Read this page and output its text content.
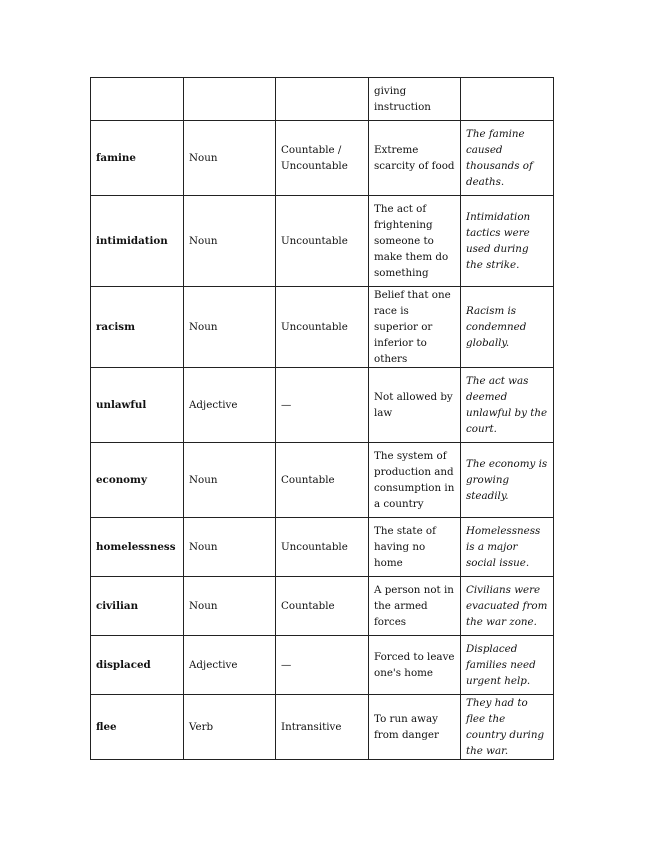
			giving instruction	
famine	Noun	Countable / Uncountable	Extreme scarcity of food	The famine caused thousands of deaths.
intimidation	Noun	Uncountable	The act of frightening someone to make them do something	Intimidation tactics were used during the strike.
racism	Noun	Uncountable	Belief that one race is superior or inferior to others	Racism is condemned globally.
unlawful	Adjective	—	Not allowed by law	The act was deemed unlawful by the court.
economy	Noun	Countable	The system of production and consumption in a country	The economy is growing steadily.
homelessness	Noun	Uncountable	The state of having no home	Homelessness is a major social issue.
civilian	Noun	Countable	A person not in the armed forces	Civilians were evacuated from the war zone.
displaced	Adjective	—	Forced to leave one's home	Displaced families need urgent help.
flee	Verb	Intransitive	To run away from danger	They had to flee the country during the war.
